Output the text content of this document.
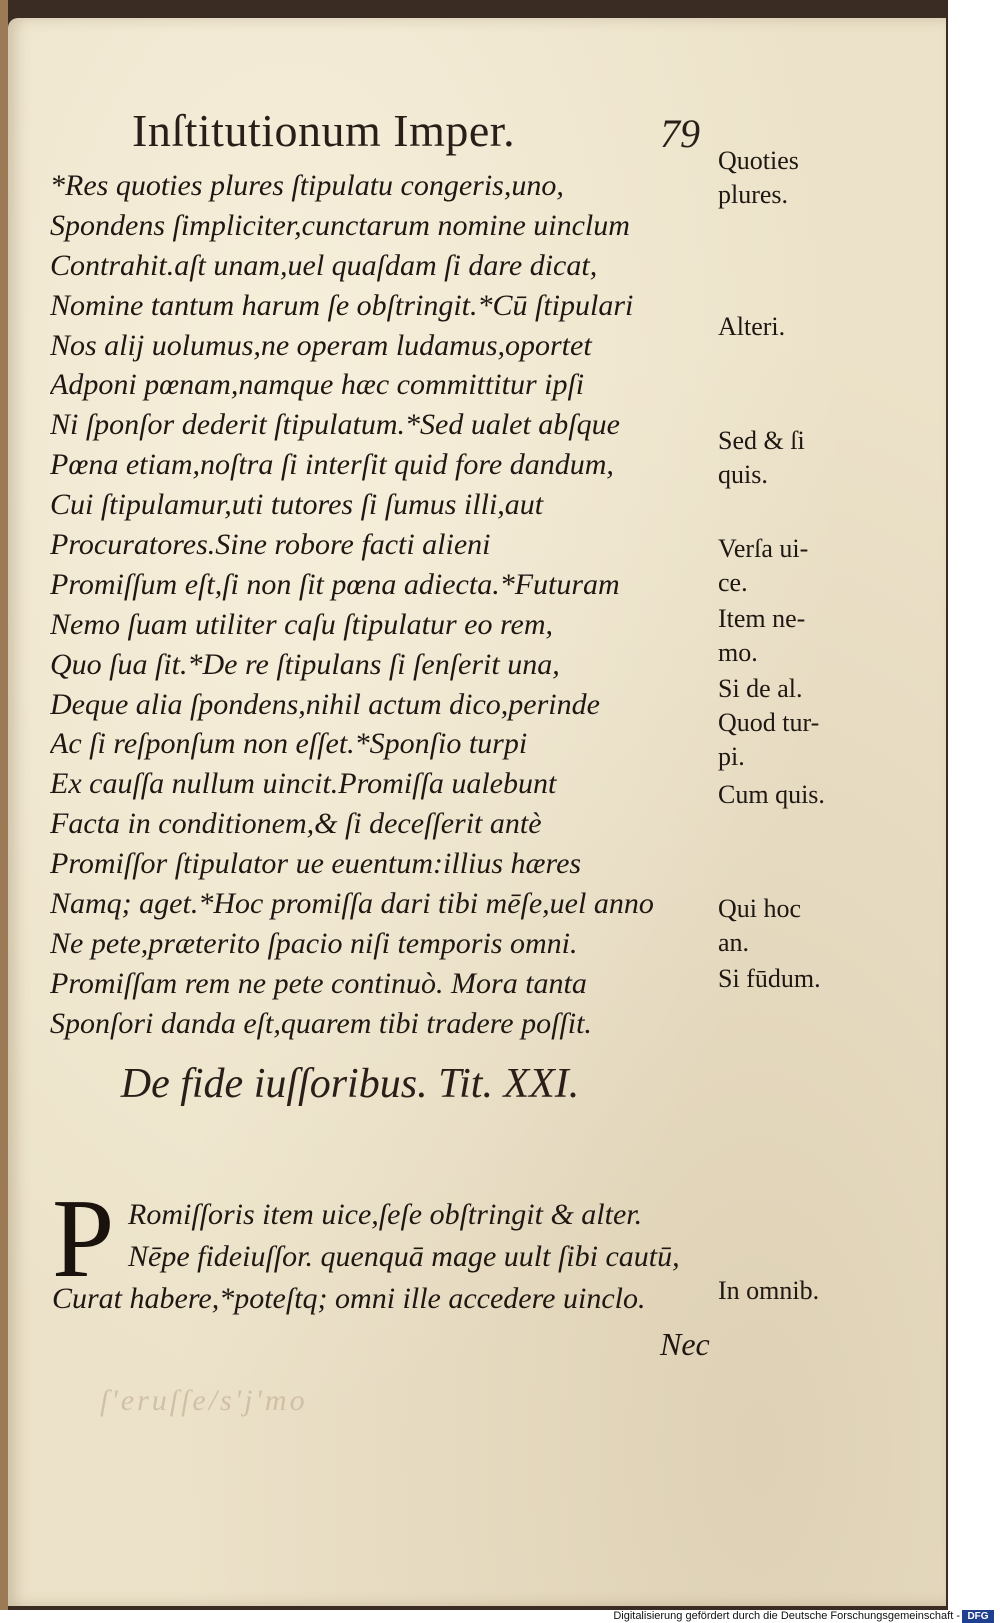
Inſtitutionum Imper.	79
*Res quoties plures ſtipulatu congeris,uno,
Spondens ſimpliciter,cunctarum nomine uinclum
Contrahit.aſt unam,uel quaſdam ſi dare dicat,
Nomine tantum harum ſe obſtringit.*Cū ſtipulari
Nos alij uolumus,ne operam ludamus,oportet
Adponi pœnam,namque hæc committitur ipſi
Ni ſponſor dederit ſtipulatum.*Sed ualet abſque
Pœna etiam,noſtra ſi interſit quid fore dandum,
Cui ſtipulamur,uti tutores ſi ſumus illi,aut
Procuratores.Sine robore facti alieni
Promiſſum eſt,ſi non ſit pœna adiecta.*Futuram
Nemo ſuam utiliter caſu ſtipulatur eo rem,
Quo ſua ſit.*De re ſtipulans ſi ſenſerit una,
Deque alia ſpondens,nihil actum dico,perinde
Ac ſi reſponſum non eſſet.*Sponſio turpi
Ex cauſſa nullum uincit.Promiſſa ualebunt
Facta in conditionem,& ſi deceſſerit antè
Promiſſor ſtipulator ue euentum:illius hæres
Namq; aget.*Hoc promiſſa dari tibi mēſe,uel anno
Ne pete,præterito ſpacio niſi temporis omni.
Promiſſam rem ne pete continuò. Mora tanta
Sponſori danda eſt,quarem tibi tradere poſſit.
Quoties
plures.
Alteri.
Sed & ſi
quis.
Verſa ui-
ce.
Item ne-
mo.
Si de al.
Quod tur-
pi.
Cum quis.
Qui hoc
an.
Si fūdum.
In omnib.
De fide iuſſoribus. Tit. XXI.
P Romiſſoris item uice,ſeſe obſtringit & alter.
Nēpe fideiuſſor. quenquā mage uult ſibi cautū,
Curat habere,*poteſtq; omni ille accedere uinclo.
Nec
ſ'eruſſe/s'j'mo
Digitalisierung gefördert durch die Deutsche Forschungsgemeinschaft - DFG
